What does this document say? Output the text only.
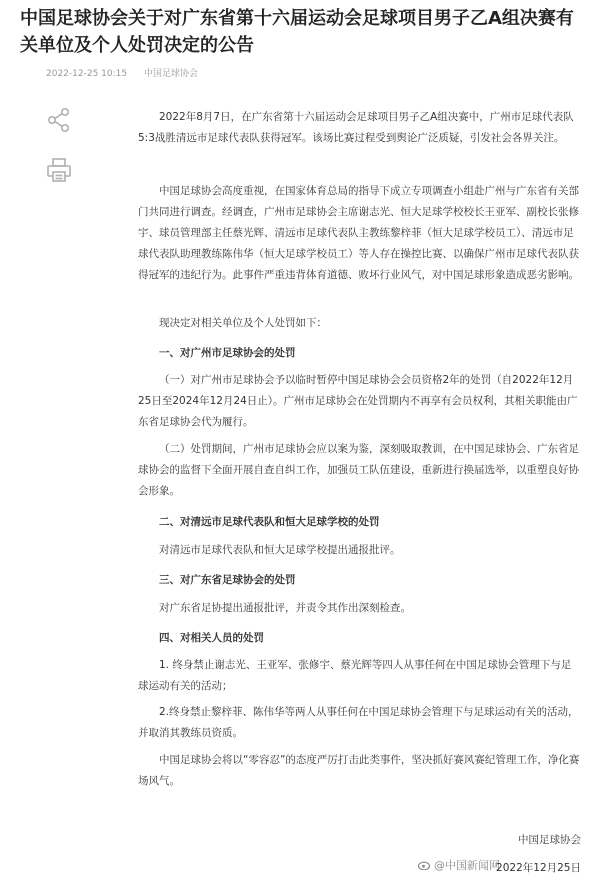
中国足球协会关于对广东省第十六届运动会足球项目男子乙A组决赛有关单位及个人处罚决定的公告
2022-12-25 10:15 中国足球协会

2022年8月7日，在广东省第十六届运动会足球项目男子乙A组决赛中，广州市足球代表队5:3战胜清远市足球代表队获得冠军。该场比赛过程受到舆论广泛质疑，引发社会各界关注。

中国足球协会高度重视，在国家体育总局的指导下成立专项调查小组赴广州与广东省有关部门共同进行调查。经调查，广州市足球协会主席谢志光、恒大足球学校校长王亚军、副校长张修宇、球员管理部主任蔡光辉、清远市足球代表队主教练黎梓菲（恒大足球学校员工）、清远市足球代表队助理教练陈伟华（恒大足球学校员工）等人存在操控比赛、以确保广州市足球代表队获得冠军的违纪行为。此事件严重违背体育道德、败坏行业风气，对中国足球形象造成恶劣影响。

现决定对相关单位及个人处罚如下：

一、对广州市足球协会的处罚

（一）对广州市足球协会予以临时暂停中国足球协会会员资格2年的处罚（自2022年12月25日至2024年12月24日止）。广州市足球协会在处罚期内不再享有会员权利，其相关职能由广东省足球协会代为履行。

（二）处罚期间，广州市足球协会应以案为鉴，深刻吸取教训，在中国足球协会、广东省足球协会的监督下全面开展自查自纠工作，加强员工队伍建设，重新进行换届选举，以重塑良好协会形象。

二、对清远市足球代表队和恒大足球学校的处罚

对清远市足球代表队和恒大足球学校提出通报批评。

三、对广东省足球协会的处罚

对广东省足协提出通报批评，并责令其作出深刻检查。

四、对相关人员的处罚

1. 终身禁止谢志光、王亚军、张修宇、蔡光辉等四人从事任何在中国足球协会管理下与足球运动有关的活动；

2.终身禁止黎梓菲、陈伟华等两人从事任何在中国足球协会管理下与足球运动有关的活动，并取消其教练员资质。

中国足球协会将以“零容忍”的态度严厉打击此类事件，坚决抓好赛风赛纪管理工作，净化赛场风气。

中国足球协会

@中国新闻网

2022年12月25日
